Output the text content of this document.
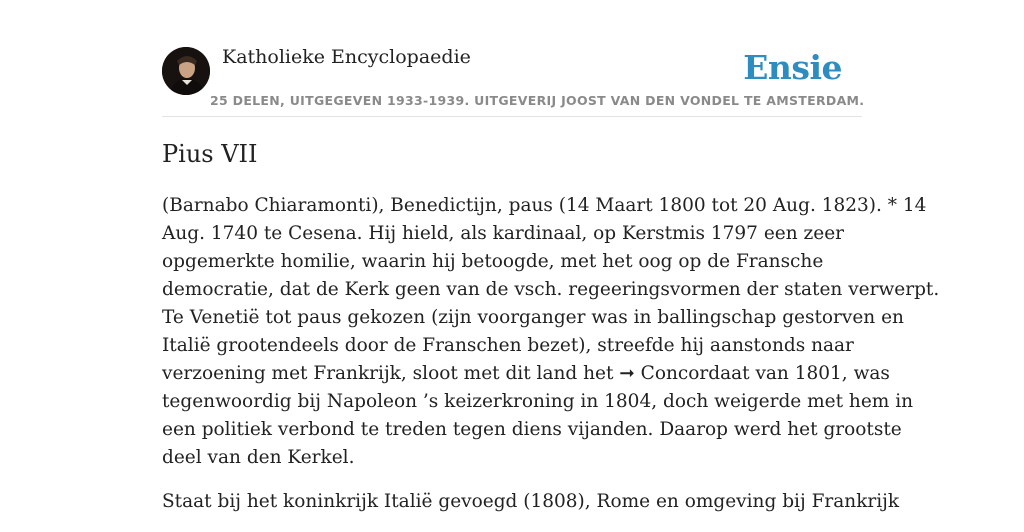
Katholieke Encyclopaedie
25 DELEN, UITGEGEVEN 1933-1939. UITGEVERIJ JOOST VAN DEN VONDEL TE AMSTERDAM.
Ensie
Pius VII

(Barnabo Chiaramonti), Benedictijn, paus (14 Maart 1800 tot 20 Aug. 1823). * 14
Aug. 1740 te Cesena. Hij hield, als kardinaal, op Kerstmis 1797 een zeer
opgemerkte homilie, waarin hij betoogde, met het oog op de Fransche
democratie, dat de Kerk geen van de vsch. regeeringsvormen der staten verwerpt.
Te Venetië tot paus gekozen (zijn voorganger was in ballingschap gestorven en
Italië grootendeels door de Franschen bezet), streefde hij aanstonds naar
verzoening met Frankrijk, sloot met dit land het ➞ Concordaat van 1801, was
tegenwoordig bij Napoleon ’s keizerkroning in 1804, doch weigerde met hem in
een politiek verbond te treden tegen diens vijanden. Daarop werd het grootste
deel van den Kerkel.

Staat bij het koninkrijk Italië gevoegd (1808), Rome en omgeving bij Frankrijk
